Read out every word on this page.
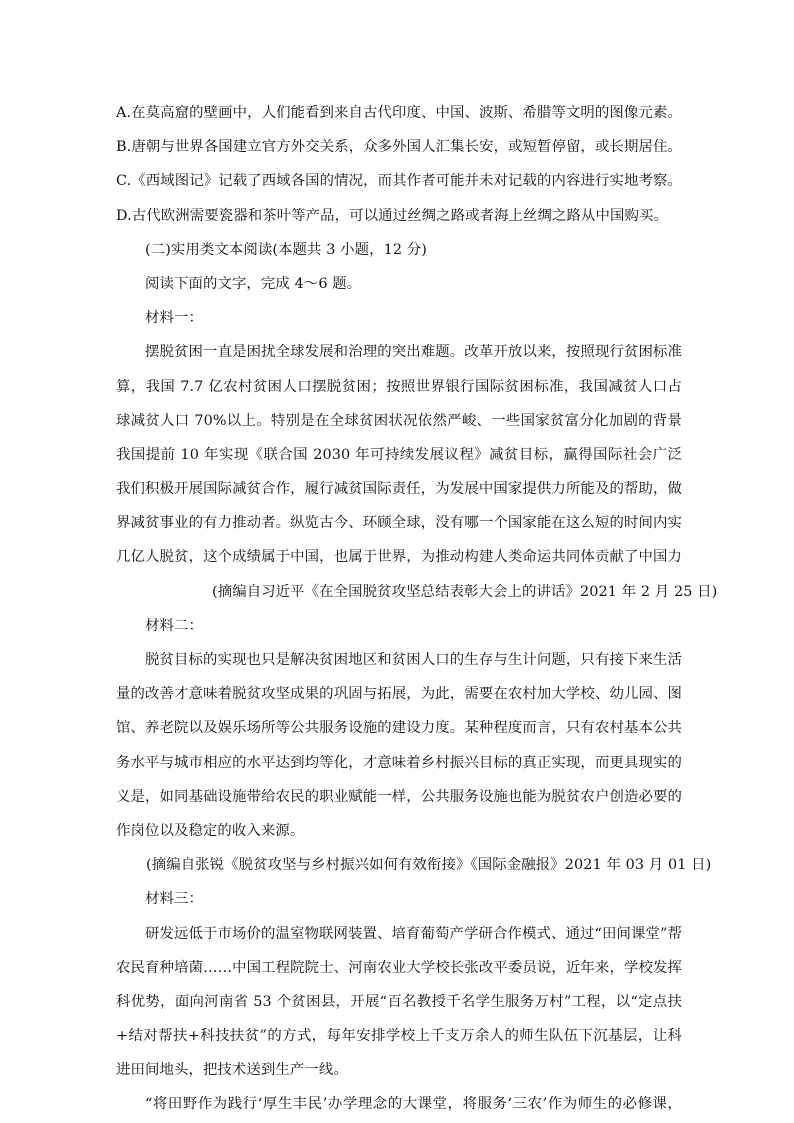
A.在莫高窟的壁画中，人们能看到来自古代印度、中国、波斯、希腊等文明的图像元素。
B.唐朝与世界各国建立官方外交关系，众多外国人汇集长安，或短暂停留，或长期居住。
C.《西域图记》记载了西域各国的情况，而其作者可能并未对记载的内容进行实地考察。
D.古代欧洲需要瓷器和茶叶等产品，可以通过丝绸之路或者海上丝绸之路从中国购买。
(二)实用类文本阅读(本题共 3 小题，12 分)
阅读下面的文字，完成 4～6 题。
材料一：
摆脱贫困一直是困扰全球发展和治理的突出难题。改革开放以来，按照现行贫困标准
算，我国 7.7 亿农村贫困人口摆脱贫困；按照世界银行国际贫困标准，我国减贫人口占
球减贫人口 70%以上。特别是在全球贫困状况依然严峻、一些国家贫富分化加剧的背景
我国提前 10 年实现《联合国 2030 年可持续发展议程》减贫目标，赢得国际社会广泛
我们积极开展国际减贫合作，履行减贫国际责任，为发展中国家提供力所能及的帮助，做
界减贫事业的有力推动者。纵览古今、环顾全球，没有哪一个国家能在这么短的时间内实
几亿人脱贫，这个成绩属于中国，也属于世界，为推动构建人类命运共同体贡献了中国力
(摘编自习近平《在全国脱贫攻坚总结表彰大会上的讲话》2021 年 2 月 25 日)
材料二：
脱贫目标的实现也只是解决贫困地区和贫困人口的生存与生计问题，只有接下来生活
量的改善才意味着脱贫攻坚成果的巩固与拓展，为此，需要在农村加大学校、幼儿园、图
馆、养老院以及娱乐场所等公共服务设施的建设力度。某种程度而言，只有农村基本公共
务水平与城市相应的水平达到均等化，才意味着乡村振兴目标的真正实现，而更具现实的
义是，如同基础设施带给农民的职业赋能一样，公共服务设施也能为脱贫农户创造必要的
作岗位以及稳定的收入来源。
(摘编自张锐《脱贫攻坚与乡村振兴如何有效衔接》《国际金融报》2021 年 03 月 01 日)
材料三：
研发远低于市场价的温室物联网装置、培育葡萄产学研合作模式、通过“田间课堂”帮
农民育种培菌……中国工程院院士、河南农业大学校长张改平委员说，近年来，学校发挥
科优势，面向河南省 53 个贫困县，开展“百名教授千名学生服务万村”工程，以“定点扶
+结对帮扶+科技扶贫”的方式，每年安排学校上千支万余人的师生队伍下沉基层，让科
进田间地头，把技术送到生产一线。
“将田野作为践行‘厚生丰民’办学理念的大课堂，将服务‘三农’作为师生的必修课，
